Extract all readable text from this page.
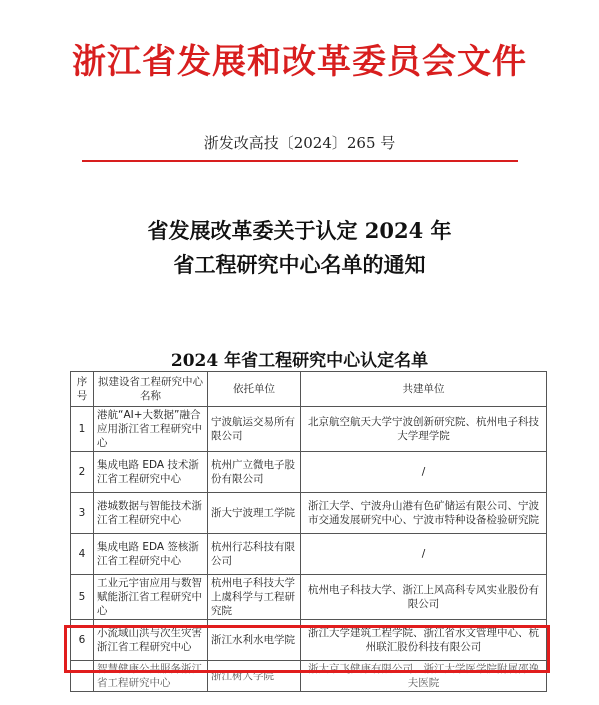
浙江省发展和改革委员会文件
浙发改高技〔2024〕265 号
省发展改革委关于认定 2024 年
省工程研究中心名单的通知
2024 年省工程研究中心认定名单
序号	拟建设省工程研究中心名称	依托单位	共建单位
1	港航“AI+大数据”融合应用浙江省工程研究中心	宁波航运交易所有限公司	北京航空航天大学宁波创新研究院、杭州电子科技大学理学院
2	集成电路 EDA 技术浙江省工程研究中心	杭州广立微电子股份有限公司	/
3	港城数据与智能技术浙江省工程研究中心	浙大宁波理工学院	浙江大学、宁波舟山港有色矿储运有限公司、宁波市交通发展研究中心、宁波市特种设备检验研究院
4	集成电路 EDA 签核浙江省工程研究中心	杭州行芯科技有限公司	/
5	工业元宇宙应用与数智赋能浙江省工程研究中心	杭州电子科技大学上虞科学与工程研究院	杭州电子科技大学、浙江上风高科专风实业股份有限公司
6	小流域山洪与次生灾害浙江省工程研究中心	浙江水利水电学院	浙江大学建筑工程学院、浙江省水文管理中心、杭州联汇股份科技有限公司
	智慧健康公共服务浙江省工程研究中心	浙江树人学院	浙大京飞健康有限公司、浙江大学医学院附属邵逸夫医院
